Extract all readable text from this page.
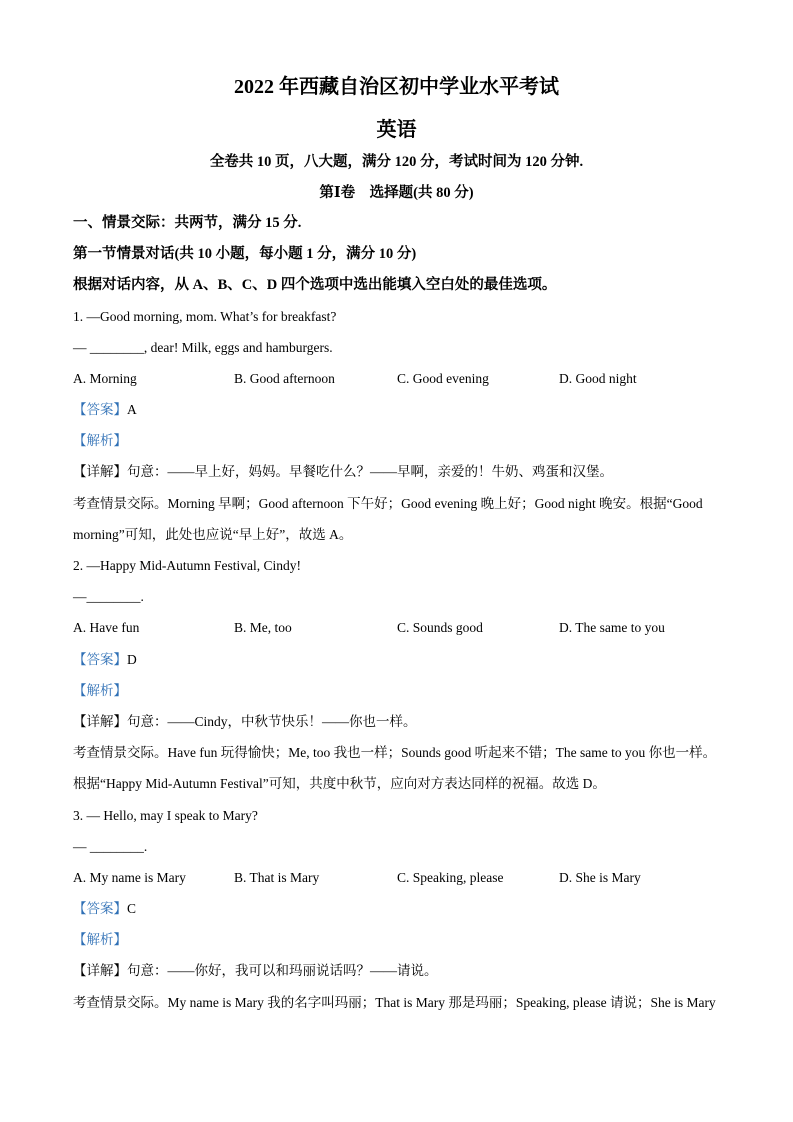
2022 年西藏自治区初中学业水平考试
英语
全卷共 10 页，八大题，满分 120 分，考试时间为 120 分钟.
第Ⅰ卷　选择题(共 80 分)
一、情景交际：共两节，满分 15 分.
第一节情景对话(共 10 小题，每小题 1 分，满分 10 分)
根据对话内容，从 A、B、C、D 四个选项中选出能填入空白处的最佳选项。
1. —Good morning, mom. What’s for breakfast?
— ________, dear! Milk, eggs and hamburgers.
A. Morning	B. Good afternoon	C. Good evening	D. Good night
【答案】A
【解析】
【详解】句意：——早上好，妈妈。早餐吃什么？——早啊，亲爱的！牛奶、鸡蛋和汉堡。
考查情景交际。Morning 早啊；Good afternoon 下午好；Good evening 晚上好；Good night 晚安。根据“Good
morning”可知，此处也应说“早上好”，故选 A。
2. —Happy Mid-Autumn Festival, Cindy!
—________.
A. Have fun	B. Me, too	C. Sounds good	D. The same to you
【答案】D
【解析】
【详解】句意：——Cindy，中秋节快乐！——你也一样。
考查情景交际。Have fun 玩得愉快；Me, too 我也一样；Sounds good 听起来不错；The same to you 你也一样。
根据“Happy Mid-Autumn Festival”可知，共度中秋节，应向对方表达同样的祝福。故选 D。
3. — Hello, may I speak to Mary?
— ________.
A. My name is Mary	B. That is Mary	C. Speaking, please	D. She is Mary
【答案】C
【解析】
【详解】句意：——你好，我可以和玛丽说话吗？——请说。
考查情景交际。My name is Mary 我的名字叫玛丽；That is Mary 那是玛丽；Speaking, please 请说；She is Mary
